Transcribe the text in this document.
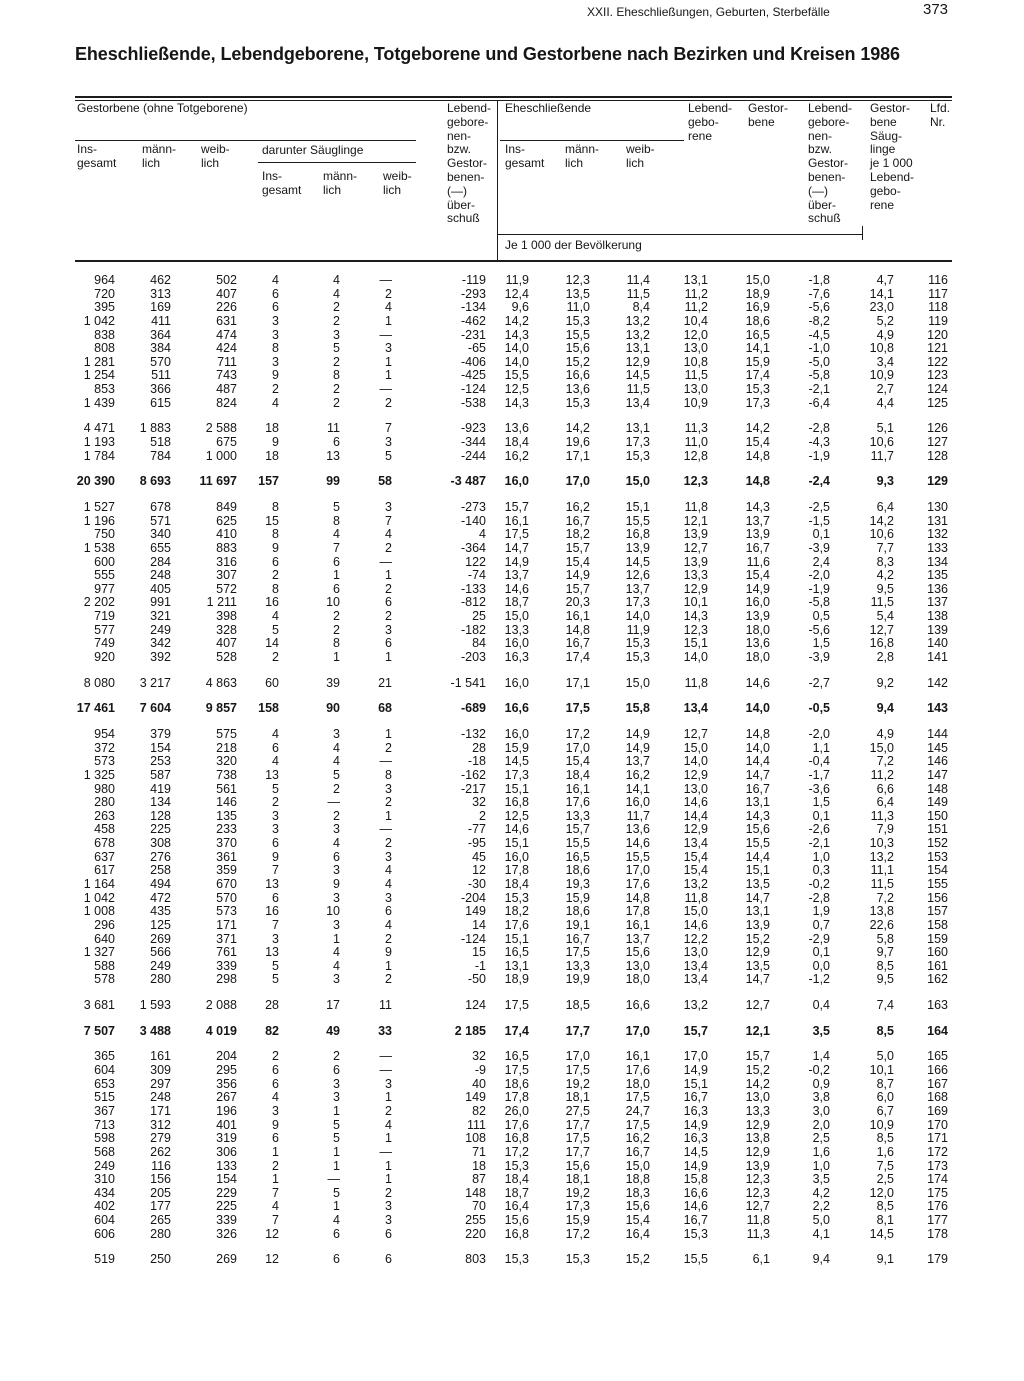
XXII. Eheschließungen, Geburten, Sterbefälle	373
Eheschließende, Lebendgeborene, Totgeborene und Gestorbene nach Bezirken und Kreisen 1986
Gestorbene (ohne Totgeborene)
Ins-
gesamt
männ-
lich
weib-
lich
darunter Säuglinge
Ins-
gesamt
männ-
lich
weib-
lich
Lebend-
gebore-
nen-
bzw.
Gestor-
benen-
(—)
über-
schuß
Eheschließende
Ins-
gesamt
männ-
lich
weib-
lich
Lebend-
gebo-
rene
Gestor-
bene
Lebend-
gebore-
nen-
bzw.
Gestor-
benen-
(—)
über-
schuß
Gestor-
bene
Säug-
linge
je 1 000
Lebend-
gebo-
rene
Lfd.
Nr.
Je 1 000 der Bevölkerung
964	462	502	4	4	—	-119	11,9	12,3	11,4	13,1	15,0	-1,8	4,7	116
720	313	407	6	4	2	-293	12,4	13,5	11,5	11,2	18,9	-7,6	14,1	117
395	169	226	6	2	4	-134	9,6	11,0	8,4	11,2	16,9	-5,6	23,0	118
1 042	411	631	3	2	1	-462	14,2	15,3	13,2	10,4	18,6	-8,2	5,2	119
838	364	474	3	3	—	-231	14,3	15,5	13,2	12,0	16,5	-4,5	4,9	120
808	384	424	8	5	3	-65	14,0	15,6	13,1	13,0	14,1	-1,0	10,8	121
1 281	570	711	3	2	1	-406	14,0	15,2	12,9	10,8	15,9	-5,0	3,4	122
1 254	511	743	9	8	1	-425	15,5	16,6	14,5	11,5	17,4	-5,8	10,9	123
853	366	487	2	2	—	-124	12,5	13,6	11,5	13,0	15,3	-2,1	2,7	124
1 439	615	824	4	2	2	-538	14,3	15,3	13,4	10,9	17,3	-6,4	4,4	125
4 471	1 883	2 588	18	11	7	-923	13,6	14,2	13,1	11,3	14,2	-2,8	5,1	126
1 193	518	675	9	6	3	-344	18,4	19,6	17,3	11,0	15,4	-4,3	10,6	127
1 784	784	1 000	18	13	5	-244	16,2	17,1	15,3	12,8	14,8	-1,9	11,7	128
20 390	8 693	11 697	157	99	58	-3 487	16,0	17,0	15,0	12,3	14,8	-2,4	9,3	129
1 527	678	849	8	5	3	-273	15,7	16,2	15,1	11,8	14,3	-2,5	6,4	130
1 196	571	625	15	8	7	-140	16,1	16,7	15,5	12,1	13,7	-1,5	14,2	131
750	340	410	8	4	4	4	17,5	18,2	16,8	13,9	13,9	0,1	10,6	132
1 538	655	883	9	7	2	-364	14,7	15,7	13,9	12,7	16,7	-3,9	7,7	133
600	284	316	6	6	—	122	14,9	15,4	14,5	13,9	11,6	2,4	8,3	134
555	248	307	2	1	1	-74	13,7	14,9	12,6	13,3	15,4	-2,0	4,2	135
977	405	572	8	6	2	-133	14,6	15,7	13,7	12,9	14,9	-1,9	9,5	136
2 202	991	1 211	16	10	6	-812	18,7	20,3	17,3	10,1	16,0	-5,8	11,5	137
719	321	398	4	2	2	25	15,0	16,1	14,0	14,3	13,9	0,5	5,4	138
577	249	328	5	2	3	-182	13,3	14,8	11,9	12,3	18,0	-5,6	12,7	139
749	342	407	14	8	6	84	16,0	16,7	15,3	15,1	13,6	1,5	16,8	140
920	392	528	2	1	1	-203	16,3	17,4	15,3	14,0	18,0	-3,9	2,8	141
8 080	3 217	4 863	60	39	21	-1 541	16,0	17,1	15,0	11,8	14,6	-2,7	9,2	142
17 461	7 604	9 857	158	90	68	-689	16,6	17,5	15,8	13,4	14,0	-0,5	9,4	143
954	379	575	4	3	1	-132	16,0	17,2	14,9	12,7	14,8	-2,0	4,9	144
372	154	218	6	4	2	28	15,9	17,0	14,9	15,0	14,0	1,1	15,0	145
573	253	320	4	4	—	-18	14,5	15,4	13,7	14,0	14,4	-0,4	7,2	146
1 325	587	738	13	5	8	-162	17,3	18,4	16,2	12,9	14,7	-1,7	11,2	147
980	419	561	5	2	3	-217	15,1	16,1	14,1	13,0	16,7	-3,6	6,6	148
280	134	146	2	—	2	32	16,8	17,6	16,0	14,6	13,1	1,5	6,4	149
263	128	135	3	2	1	2	12,5	13,3	11,7	14,4	14,3	0,1	11,3	150
458	225	233	3	3	—	-77	14,6	15,7	13,6	12,9	15,6	-2,6	7,9	151
678	308	370	6	4	2	-95	15,1	15,5	14,6	13,4	15,5	-2,1	10,3	152
637	276	361	9	6	3	45	16,0	16,5	15,5	15,4	14,4	1,0	13,2	153
617	258	359	7	3	4	12	17,8	18,6	17,0	15,4	15,1	0,3	11,1	154
1 164	494	670	13	9	4	-30	18,4	19,3	17,6	13,2	13,5	-0,2	11,5	155
1 042	472	570	6	3	3	-204	15,3	15,9	14,8	11,8	14,7	-2,8	7,2	156
1 008	435	573	16	10	6	149	18,2	18,6	17,8	15,0	13,1	1,9	13,8	157
296	125	171	7	3	4	14	17,6	19,1	16,1	14,6	13,9	0,7	22,6	158
640	269	371	3	1	2	-124	15,1	16,7	13,7	12,2	15,2	-2,9	5,8	159
1 327	566	761	13	4	9	15	16,5	17,5	15,6	13,0	12,9	0,1	9,7	160
588	249	339	5	4	1	-1	13,1	13,3	13,0	13,4	13,5	0,0	8,5	161
578	280	298	5	3	2	-50	18,9	19,9	18,0	13,4	14,7	-1,2	9,5	162
3 681	1 593	2 088	28	17	11	124	17,5	18,5	16,6	13,2	12,7	0,4	7,4	163
7 507	3 488	4 019	82	49	33	2 185	17,4	17,7	17,0	15,7	12,1	3,5	8,5	164
365	161	204	2	2	—	32	16,5	17,0	16,1	17,0	15,7	1,4	5,0	165
604	309	295	6	6	—	-9	17,5	17,5	17,6	14,9	15,2	-0,2	10,1	166
653	297	356	6	3	3	40	18,6	19,2	18,0	15,1	14,2	0,9	8,7	167
515	248	267	4	3	1	149	17,8	18,1	17,5	16,7	13,0	3,8	6,0	168
367	171	196	3	1	2	82	26,0	27,5	24,7	16,3	13,3	3,0	6,7	169
713	312	401	9	5	4	111	17,6	17,7	17,5	14,9	12,9	2,0	10,9	170
598	279	319	6	5	1	108	16,8	17,5	16,2	16,3	13,8	2,5	8,5	171
568	262	306	1	1	—	71	17,2	17,7	16,7	14,5	12,9	1,6	1,6	172
249	116	133	2	1	1	18	15,3	15,6	15,0	14,9	13,9	1,0	7,5	173
310	156	154	1	—	1	87	18,4	18,1	18,8	15,8	12,3	3,5	2,5	174
434	205	229	7	5	2	148	18,7	19,2	18,3	16,6	12,3	4,2	12,0	175
402	177	225	4	1	3	70	16,4	17,3	15,6	14,6	12,7	2,2	8,5	176
604	265	339	7	4	3	255	15,6	15,9	15,4	16,7	11,8	5,0	8,1	177
606	280	326	12	6	6	220	16,8	17,2	16,4	15,3	11,3	4,1	14,5	178
519	250	269	12	6	6	803	15,3	15,3	15,2	15,5	6,1	9,4	9,1	179
